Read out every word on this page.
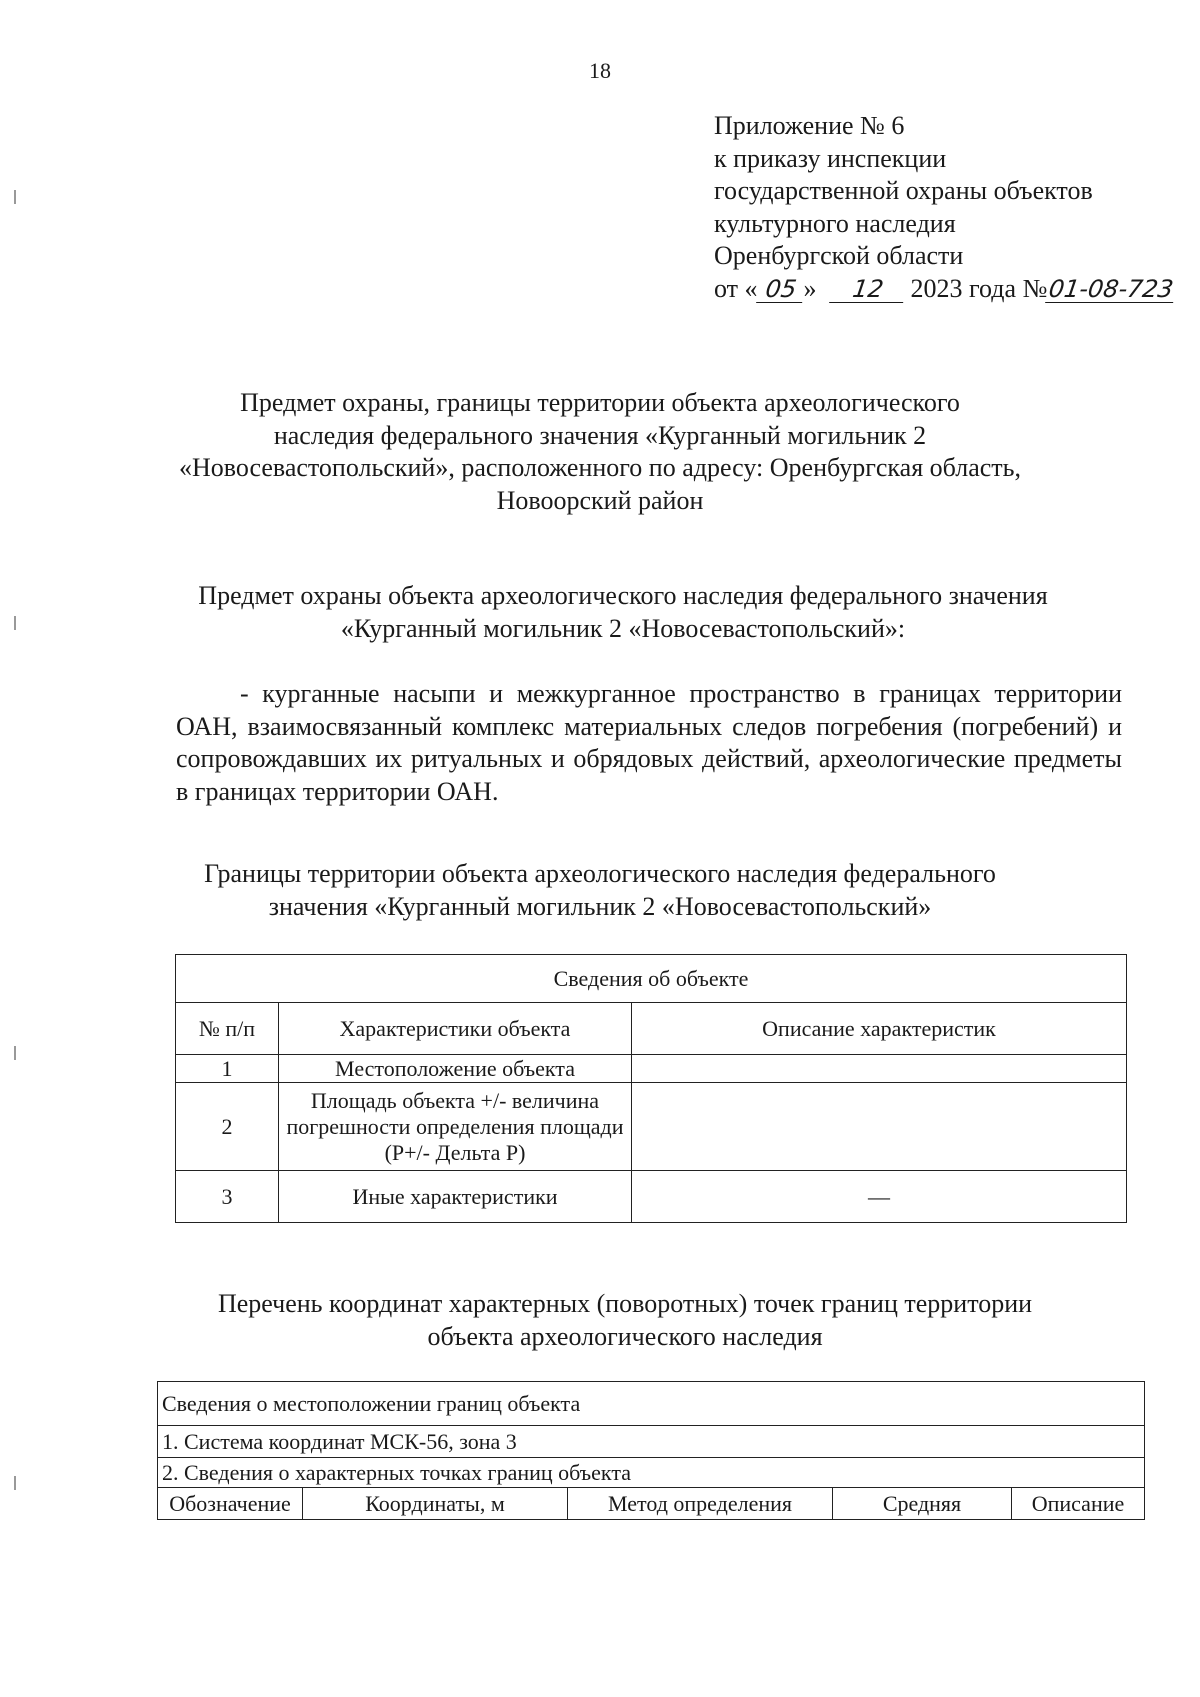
18
Приложение № 6
к приказу инспекции
государственной охраны объектов
культурного наследия
Оренбургской области
от « 05 » 12 2023 года №01-08-723
Предмет охраны, границы территории объекта археологического
наследия федерального значения «Курганный могильник 2
«Новосевастопольский», расположенного по адресу: Оренбургская область,
Новоорский район
Предмет охраны объекта археологического наследия федерального значения
«Курганный могильник 2 «Новосевастопольский»:
- курганные насыпи и межкурганное пространство в границах территории ОАН, взаимосвязанный комплекс материальных следов погребения (погребений) и сопровождавших их ритуальных и обрядовых действий, археологические предметы в границах территории ОАН.
Границы территории объекта археологического наследия федерального
значения «Курганный могильник 2 «Новосевастопольский»
Сведения об объекте		
№ п/п	Характеристики объекта	Описание характеристик
1	Местоположение объекта	
2	Площадь объекта +/- величина погрешности определения площади (P+/- Дельта P)	
3	Иные характеристики	—
Перечень координат характерных (поворотных) точек границ территории
объекта археологического наследия
Сведения о местоположении границ объекта
1. Система координат МСК-56, зона 3
2. Сведения о характерных точках границ объекта
Обозначение	Координаты, м	Метод определения	Средняя	Описание
